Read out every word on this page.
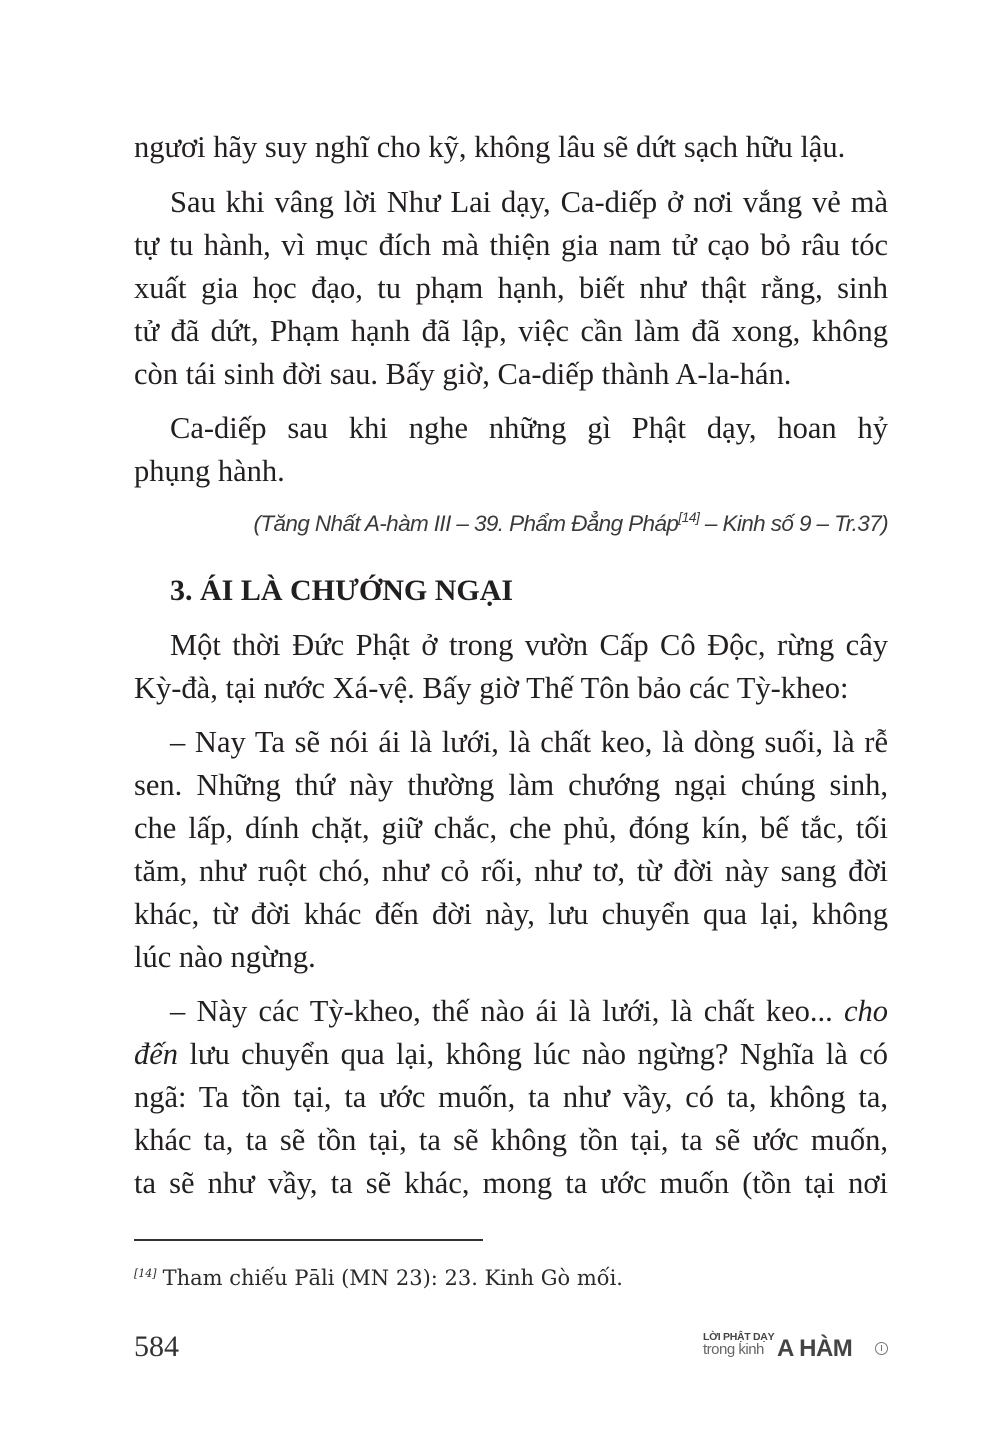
ngươi hãy suy nghĩ cho kỹ, không lâu sẽ dứt sạch hữu lậu.
Sau khi vâng lời Như Lai dạy, Ca-diếp ở nơi vắng vẻ mà
tự tu hành, vì mục đích mà thiện gia nam tử cạo bỏ râu tóc
xuất gia học đạo, tu phạm hạnh, biết như thật rằng, sinh
tử đã dứt, Phạm hạnh đã lập, việc cần làm đã xong, không
còn tái sinh đời sau. Bấy giờ, Ca-diếp thành A-la-hán.
Ca-diếp sau khi nghe những gì Phật dạy, hoan hỷ
phụng hành.
(Tăng Nhất A-hàm III – 39. Phẩm Đẳng Pháp[14] – Kinh số 9 – Tr.37)
3. ÁI LÀ CHƯỚNG NGẠI
Một thời Đức Phật ở trong vườn Cấp Cô Độc, rừng cây
Kỳ-đà, tại nước Xá-vệ. Bấy giờ Thế Tôn bảo các Tỳ-kheo:
– Nay Ta sẽ nói ái là lưới, là chất keo, là dòng suối, là rễ
sen. Những thứ này thường làm chướng ngại chúng sinh,
che lấp, dính chặt, giữ chắc, che phủ, đóng kín, bế tắc, tối
tăm, như ruột chó, như cỏ rối, như tơ, từ đời này sang đời
khác, từ đời khác đến đời này, lưu chuyển qua lại, không
lúc nào ngừng.
– Này các Tỳ-kheo, thế nào ái là lưới, là chất keo... cho
đến lưu chuyển qua lại, không lúc nào ngừng? Nghĩa là có
ngã: Ta tồn tại, ta ước muốn, ta như vầy, có ta, không ta,
khác ta, ta sẽ tồn tại, ta sẽ không tồn tại, ta sẽ ước muốn,
ta sẽ như vầy, ta sẽ khác, mong ta ước muốn (tồn tại nơi
[14] Tham chiếu Pāli (MN 23): 23. Kinh Gò mối.
584	LỜI PHẬT DẠY
trong kinh A HÀM	I
